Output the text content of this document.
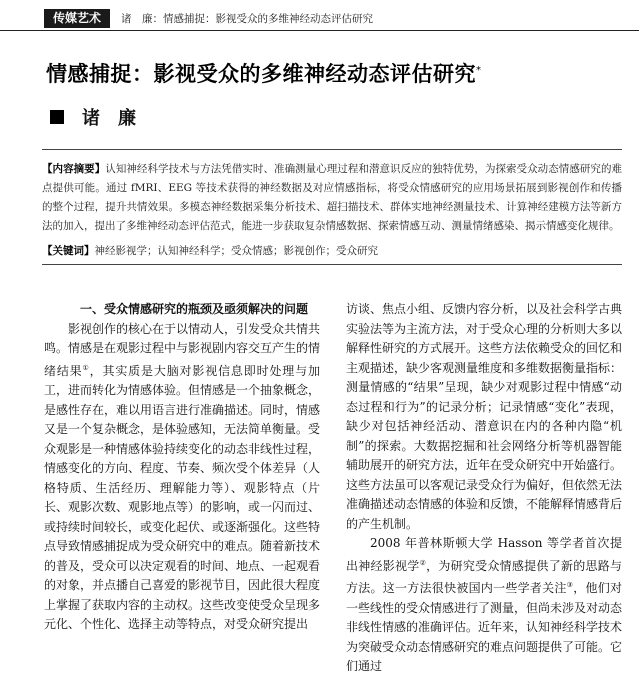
传媒艺术	诸　廉：情感捕捉：影视受众的多维神经动态评估研究
情感捕捉：影视受众的多维神经动态评估研究*
诸廉
【内容摘要】认知神经科学技术与方法凭借实时、准确测量心理过程和潜意识反应的独特优势，为探索受众动态情感研究的难点提供可能。通过 fMRI、EEG 等技术获得的神经数据及对应情感指标，将受众情感研究的应用场景拓展到影视创作和传播的整个过程，提升共情效果。多模态神经数据采集分析技术、超扫描技术、群体实地神经测量技术、计算神经建模方法等新方法的加入，提出了多维神经动态评估范式，能进一步获取复杂情感数据、探索情感互动、测量情绪感染、揭示情感变化规律。
【关键词】神经影视学；认知神经科学；受众情感；影视创作；受众研究

一、受众情感研究的瓶颈及亟须解决的问题

影视创作的核心在于以情动人，引发受众共情共鸣。情感是在观影过程中与影视剧内容交互产生的情绪结果①，其实质是大脑对影视信息即时处理与加工，进而转化为情感体验。但情感是一个抽象概念，是感性存在，难以用语言进行准确描述。同时，情感又是一个复杂概念，是体验感知，无法简单衡量。受众观影是一种情感体验持续变化的动态非线性过程，情感变化的方向、程度、节奏、频次受个体差异（人格特质、生活经历、理解能力等）、观影特点（片长、观影次数、观影地点等）的影响，或一闪而过、或持续时间较长，或变化起伏、或逐渐强化。这些特点导致情感捕捉成为受众研究中的难点。随着新技术的普及，受众可以决定观看的时间、地点、一起观看的对象，并点播自己喜爱的影视节目，因此很大程度上掌握了获取内容的主动权。这些改变使受众呈现多元化、个性化、选择主动等特点，对受众研究提出

访谈、焦点小组、反馈内容分析，以及社会科学古典实验法等为主流方法，对于受众心理的分析则大多以解释性研究的方式展开。这些方法依赖受众的回忆和主观描述，缺少客观测量维度和多维数据衡量指标：测量情感的“结果”呈现，缺少对观影过程中情感“动态过程和行为”的记录分析；记录情感“变化”表现，缺少对包括神经活动、潜意识在内的各种内隐“机制”的探索。大数据挖掘和社会网络分析等机器智能辅助展开的研究方法，近年在受众研究中开始盛行。这些方法虽可以客观记录受众行为偏好，但依然无法准确描述动态情感的体验和反馈，不能解释情感背后的产生机制。

2008 年普林斯顿大学 Hasson 等学者首次提出神经影视学②，为研究受众情感提供了新的思路与方法。这一方法很快被国内一些学者关注③，他们对一些线性的受众情感进行了测量，但尚未涉及对动态非线性情感的准确评估。近年来，认知神经科学技术为突破受众动态情感研究的难点问题提供了可能。它们通过
